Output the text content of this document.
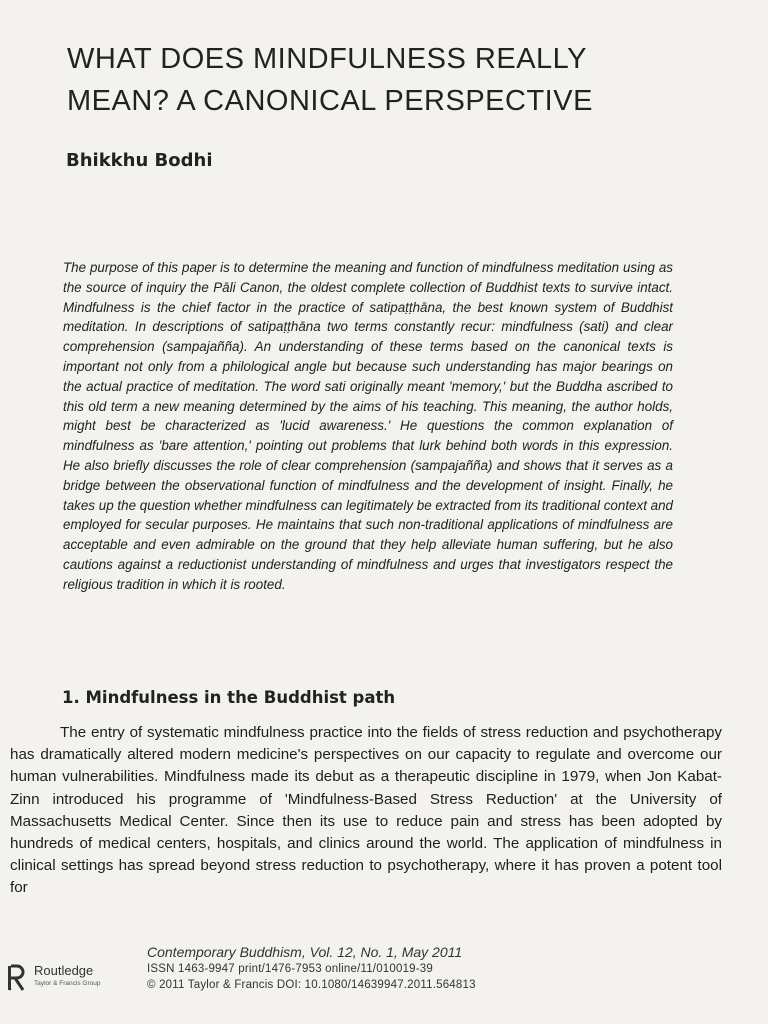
WHAT DOES MINDFULNESS REALLY
MEAN? A CANONICAL PERSPECTIVE
Bhikkhu Bodhi

The purpose of this paper is to determine the meaning and function of mindfulness meditation using as the source of inquiry the Pāli Canon, the oldest complete collection of Buddhist texts to survive intact. Mindfulness is the chief factor in the practice of satipaṭṭhāna, the best known system of Buddhist meditation. In descriptions of satipaṭṭhāna two terms constantly recur: mindfulness (sati) and clear comprehension (sampajañña). An understanding of these terms based on the canonical texts is important not only from a philological angle but because such understanding has major bearings on the actual practice of meditation. The word sati originally meant 'memory,' but the Buddha ascribed to this old term a new meaning determined by the aims of his teaching. This meaning, the author holds, might best be characterized as 'lucid awareness.' He questions the common explanation of mindfulness as 'bare attention,' pointing out problems that lurk behind both words in this expression. He also briefly discusses the role of clear comprehension (sampajañña) and shows that it serves as a bridge between the observational function of mindfulness and the development of insight. Finally, he takes up the question whether mindfulness can legitimately be extracted from its traditional context and employed for secular purposes. He maintains that such non-traditional applications of mindfulness are acceptable and even admirable on the ground that they help alleviate human suffering, but he also cautions against a reductionist understanding of mindfulness and urges that investigators respect the religious tradition in which it is rooted.

1. Mindfulness in the Buddhist path

The entry of systematic mindfulness practice into the fields of stress reduction and psychotherapy has dramatically altered modern medicine's perspectives on our capacity to regulate and overcome our human vulnerabilities. Mindfulness made its debut as a therapeutic discipline in 1979, when Jon Kabat-Zinn introduced his programme of 'Mindfulness-Based Stress Reduction' at the University of Massachusetts Medical Center. Since then its use to reduce pain and stress has been adopted by hundreds of medical centers, hospitals, and clinics around the world. The application of mindfulness in clinical settings has spread beyond stress reduction to psychotherapy, where it has proven a potent tool for

Routledge
Taylor & Francis Group
Contemporary Buddhism, Vol. 12, No. 1, May 2011
ISSN 1463-9947 print/1476-7953 online/11/010019-39
© 2011 Taylor & Francis DOI: 10.1080/14639947.2011.564813
